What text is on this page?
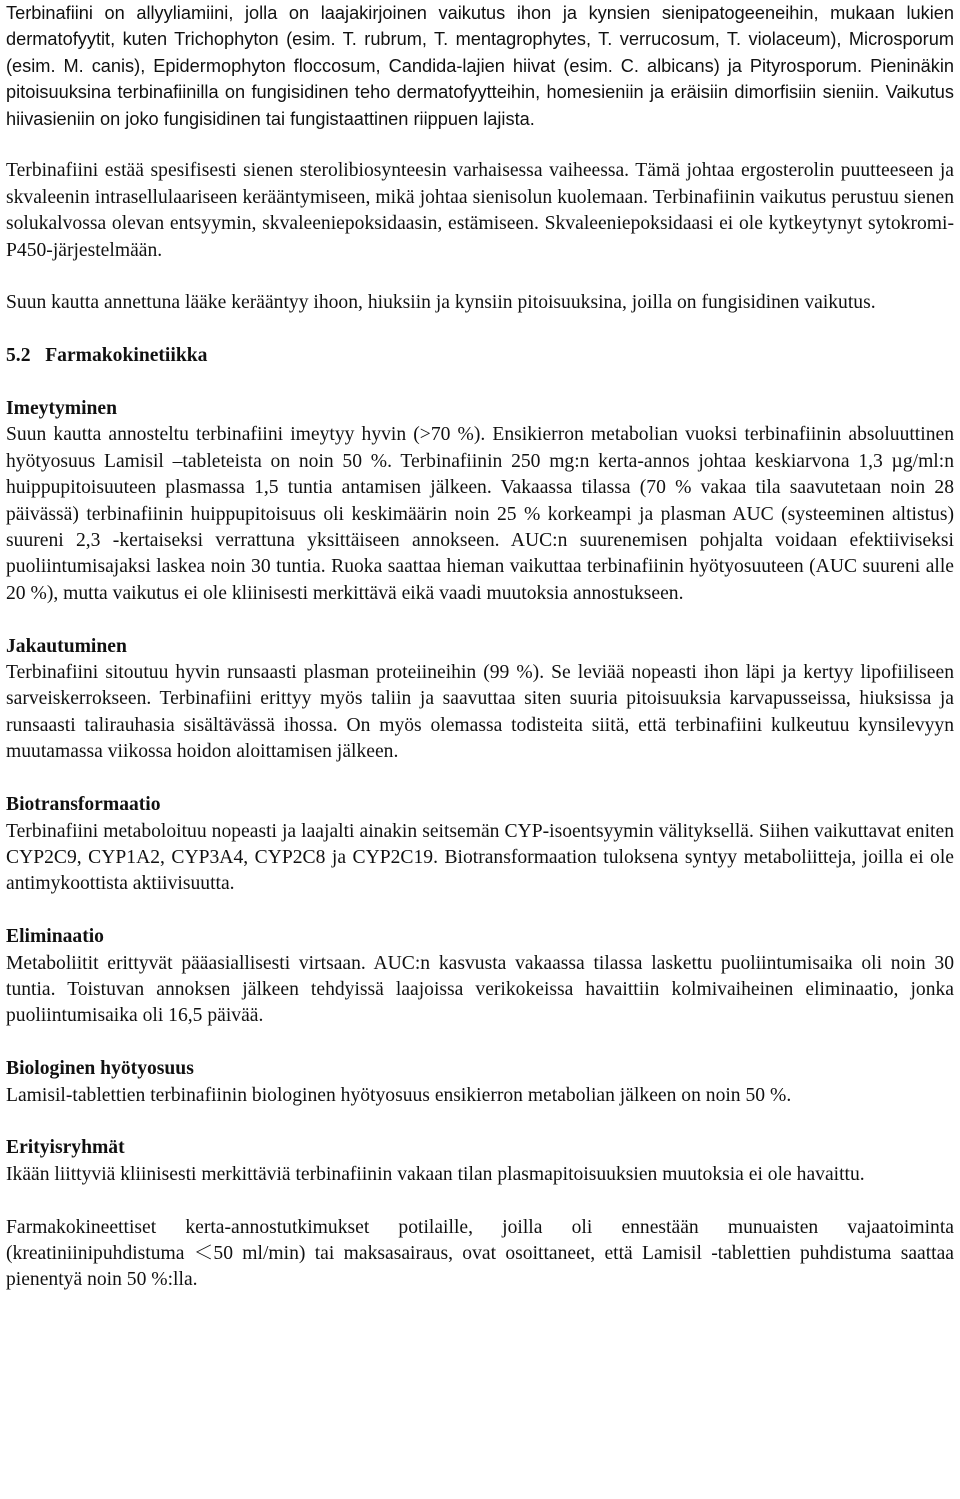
Terbinafiini on allyyliamiini, jolla on laajakirjoinen vaikutus ihon ja kynsien sienipatogeeneihin, mukaan lukien dermatofyytit, kuten Trichophyton (esim. T. rubrum, T. mentagrophytes, T. verrucosum, T. violaceum), Microsporum (esim. M. canis), Epidermophyton floccosum, Candida-lajien hiivat (esim. C. albicans) ja Pityrosporum. Pieninäkin pitoisuuksina terbinafiinilla on fungisidinen teho dermatofyytteihin, homesieniin ja eräisiin dimorfisiin sieniin. Vaikutus hiivasieniin on joko fungisidinen tai fungistaattinen riippuen lajista.

Terbinafiini estää spesifisesti sienen sterolibiosynteesin varhaisessa vaiheessa. Tämä johtaa ergosterolin puutteeseen ja skvaleenin intrasellulaariseen kerääntymiseen, mikä johtaa sienisolun kuolemaan. Terbinafiinin vaikutus perustuu sienen solukalvossa olevan entsyymin, skvaleeniepoksidaasin, estämiseen. Skvaleeniepoksidaasi ei ole kytkeytynyt sytokromi-P450-järjestelmään.

Suun kautta annettuna lääke kerääntyy ihoon, hiuksiin ja kynsiin pitoisuuksina, joilla on fungisidinen vaikutus.

5.2 Farmakokinetiikka
Imeytyminen

Suun kautta annosteltu terbinafiini imeytyy hyvin (>70 %). Ensikierron metabolian vuoksi terbinafiinin absoluuttinen hyötyosuus Lamisil –tableteista on noin 50 %. Terbinafiinin 250 mg:n kerta-annos johtaa keskiarvona 1,3 µg/ml:n huippupitoisuuteen plasmassa 1,5 tuntia antamisen jälkeen. Vakaassa tilassa (70 % vakaa tila saavutetaan noin 28 päivässä) terbinafiinin huippupitoisuus oli keskimäärin noin 25 % korkeampi ja plasman AUC (systeeminen altistus) suureni 2,3 -kertaiseksi verrattuna yksittäiseen annokseen. AUC:n suurenemisen pohjalta voidaan efektiiviseksi puoliintumisajaksi laskea noin 30 tuntia. Ruoka saattaa hieman vaikuttaa terbinafiinin hyötyosuuteen (AUC suureni alle 20 %), mutta vaikutus ei ole kliinisesti merkittävä eikä vaadi muutoksia annostukseen.

Jakautuminen

Terbinafiini sitoutuu hyvin runsaasti plasman proteiineihin (99 %). Se leviää nopeasti ihon läpi ja kertyy lipofiiliseen sarveiskerrokseen. Terbinafiini erittyy myös taliin ja saavuttaa siten suuria pitoisuuksia karvapusseissa, hiuksissa ja runsaasti talirauhasia sisältävässä ihossa. On myös olemassa todisteita siitä, että terbinafiini kulkeutuu kynsilevyyn muutamassa viikossa hoidon aloittamisen jälkeen.

Biotransformaatio

Terbinafiini metaboloituu nopeasti ja laajalti ainakin seitsemän CYP-isoentsyymin välityksellä. Siihen vaikuttavat eniten CYP2C9, CYP1A2, CYP3A4, CYP2C8 ja CYP2C19. Biotransformaation tuloksena syntyy metaboliitteja, joilla ei ole antimykoottista aktiivisuutta.

Eliminaatio

Metaboliitit erittyvät pääasiallisesti virtsaan. AUC:n kasvusta vakaassa tilassa laskettu puoliintumisaika oli noin 30 tuntia. Toistuvan annoksen jälkeen tehdyissä laajoissa verikokeissa havaittiin kolmivaiheinen eliminaatio, jonka puoliintumisaika oli 16,5 päivää.

Biologinen hyötyosuus

Lamisil-tablettien terbinafiinin biologinen hyötyosuus ensikierron metabolian jälkeen on noin 50 %.

Erityisryhmät

Ikään liittyviä kliinisesti merkittäviä terbinafiinin vakaan tilan plasmapitoisuuksien muutoksia ei ole havaittu.

Farmakokineettiset kerta-annostutkimukset potilaille, joilla oli ennestään munuaisten vajaatoiminta (kreatiniinipuhdistuma ＜50 ml/min) tai maksasairaus, ovat osoittaneet, että Lamisil -tablettien puhdistuma saattaa pienentyä noin 50 %:lla.
